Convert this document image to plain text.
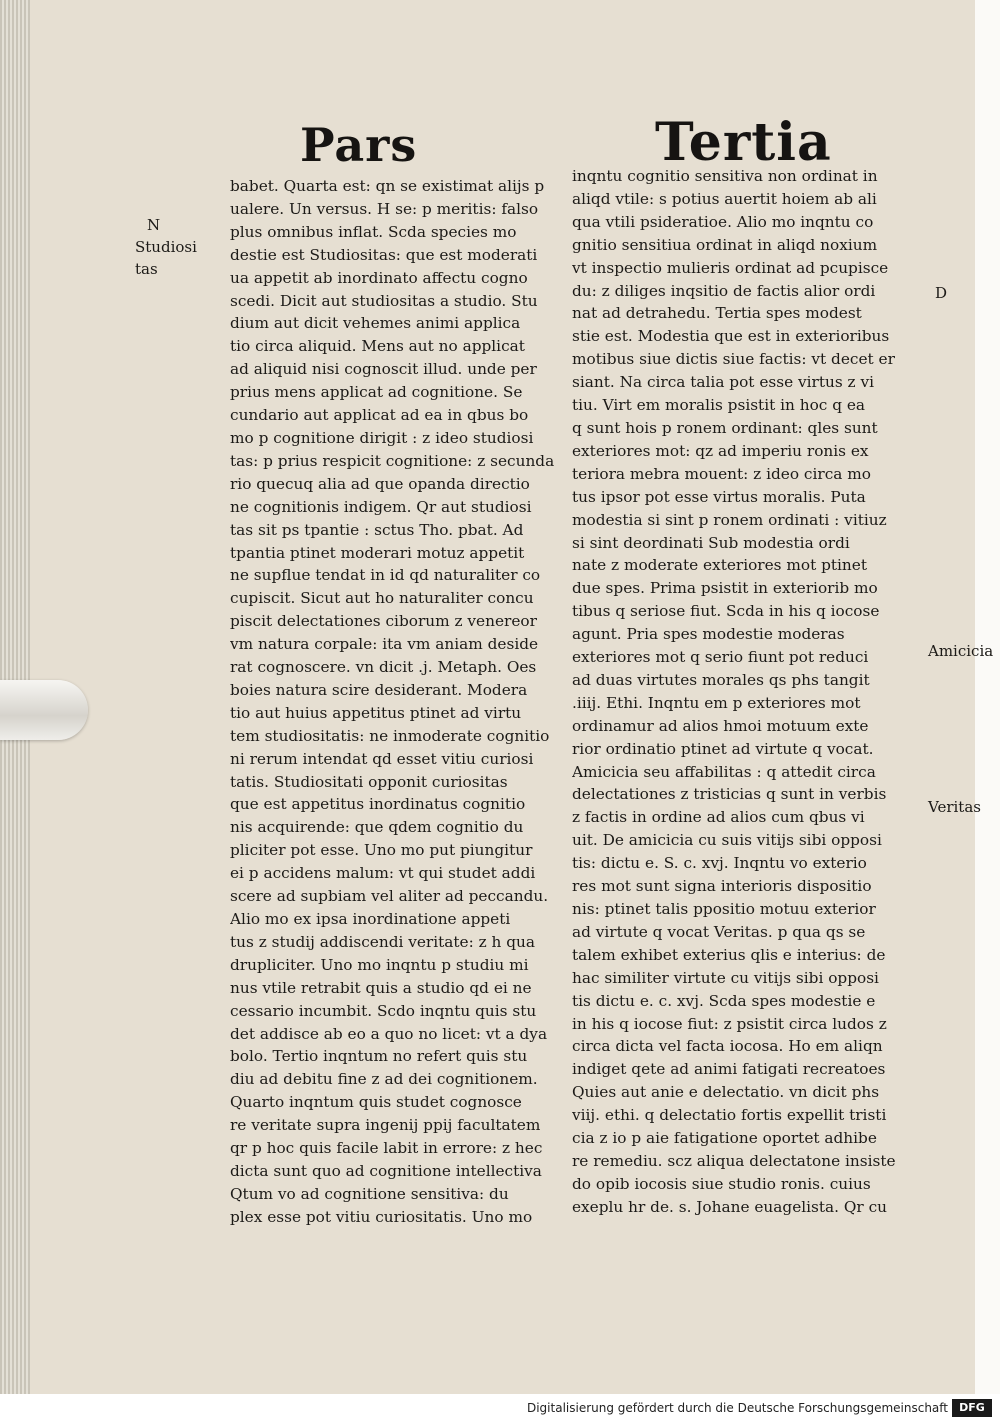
Pars	Tertia
N
Studiosi
tas
D
Amicicia
Veritas
babet. Quarta est: qn se existimat alijs p
ualere. Un versus. H se: p meritis: falso
plus omnibus inflat. Scda species mo
destie est Studiositas: que est moderati
ua appetit ab inordinato affectu cogno
scedi. Dicit aut studiositas a studio. Stu
dium aut dicit vehemes animi applica
tio circa aliquid. Mens aut no applicat
ad aliquid nisi cognoscit illud. unde per
prius mens applicat ad cognitione. Se
cundario aut applicat ad ea in qbus bo
mo p cognitione dirigit : z ideo studiosi
tas: p prius respicit cognitione: z secunda
rio quecuq alia ad que opanda directio
ne cognitionis indigem. Qr aut studiosi
tas sit ps tpantie : sctus Tho. pbat. Ad
tpantia ptinet moderari motuz appetit
ne supflue tendat in id qd naturaliter co
cupiscit. Sicut aut ho naturaliter concu
piscit delectationes ciborum z venereor
vm natura corpale: ita vm aniam deside
rat cognoscere. vn dicit .j. Metaph. Oes
boies natura scire desiderant. Modera
tio aut huius appetitus ptinet ad virtu
tem studiositatis: ne inmoderate cognitio
ni rerum intendat qd esset vitiu curiosi
tatis. Studiositati opponit curiositas
que est appetitus inordinatus cognitio
nis acquirende: que qdem cognitio du
pliciter pot esse. Uno mo put piungitur
ei p accidens malum: vt qui studet addi
scere ad supbiam vel aliter ad peccandu.
Alio mo ex ipsa inordinatione appeti
tus z studij addiscendi veritate: z h qua
drupliciter. Uno mo inqntu p studiu mi
nus vtile retrabit quis a studio qd ei ne
cessario incumbit. Scdo inqntu quis stu
det addisce ab eo a quo no licet: vt a dya
bolo. Tertio inqntum no refert quis stu
diu ad debitu fine z ad dei cognitionem.
Quarto inqntum quis studet cognosce
re veritate supra ingenij ppij facultatem
qr p hoc quis facile labit in errore: z hec
dicta sunt quo ad cognitione intellectiva
Qtum vo ad cognitione sensitiva: du
plex esse pot vitiu curiositatis. Uno mo
inqntu cognitio sensitiva non ordinat in
aliqd vtile: s potius auertit hoiem ab ali
qua vtili psideratioe. Alio mo inqntu co
gnitio sensitiua ordinat in aliqd noxium
vt inspectio mulieris ordinat ad pcupisce
du: z diliges inqsitio de factis alior ordi
nat ad detrahedu. Tertia spes modest
stie est. Modestia que est in exterioribus
motibus siue dictis siue factis: vt decet er
siant. Na circa talia pot esse virtus z vi
tiu. Virt em moralis psistit in hoc q ea
q sunt hois p ronem ordinant: qles sunt
exteriores mot: qz ad imperiu ronis ex
teriora mebra mouent: z ideo circa mo
tus ipsor pot esse virtus moralis. Puta
modestia si sint p ronem ordinati : vitiuz
si sint deordinati Sub modestia ordi
nate z moderate exteriores mot ptinet
due spes. Prima psistit in exteriorib mo
tibus q seriose fiut. Scda in his q iocose
agunt. Pria spes modestie moderas
exteriores mot q serio fiunt pot reduci
ad duas virtutes morales qs phs tangit
.iiij. Ethi. Inqntu em p exteriores mot
ordinamur ad alios hmoi motuum exte
rior ordinatio ptinet ad virtute q vocat.
Amicicia seu affabilitas : q attedit circa
delectationes z tristicias q sunt in verbis
z factis in ordine ad alios cum qbus vi
uit. De amicicia cu suis vitijs sibi opposi
tis: dictu e. S. c. xvj. Inqntu vo exterio
res mot sunt signa interioris dispositio
nis: ptinet talis ppositio motuu exterior
ad virtute q vocat Veritas. p qua qs se
talem exhibet exterius qlis e interius: de
hac similiter virtute cu vitijs sibi opposi
tis dictu e. c. xvj. Scda spes modestie e
in his q iocose fiut: z psistit circa ludos z
circa dicta vel facta iocosa. Ho em aliqn
indiget qete ad animi fatigati recreatoes
Quies aut anie e delectatio. vn dicit phs
viij. ethi. q delectatio fortis expellit tristi
cia z io p aie fatigatione oportet adhibe
re remediu. scz aliqua delectatone insiste
do opib iocosis siue studio ronis. cuius
exeplu hr de. s. Johane euagelista. Qr cu
Digitalisierung gefördert durch die Deutsche Forschungsgemeinschaft	DFG
